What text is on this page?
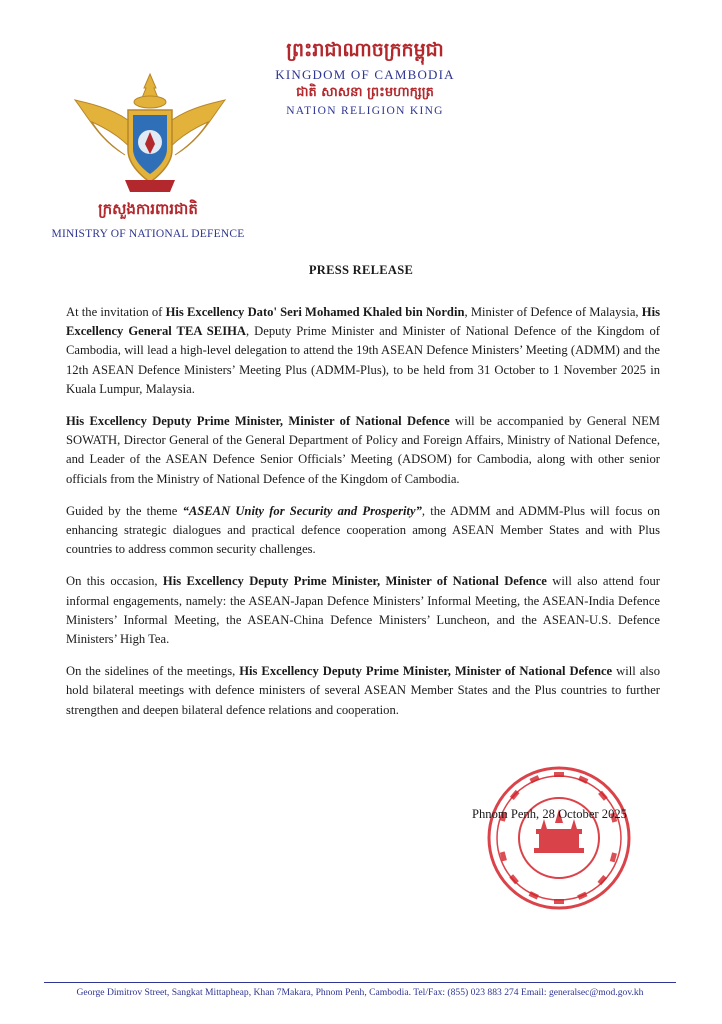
ក្រសួងការពារជាតិ
MINISTRY OF NATIONAL DEFENCE
ព្រះរាជាណាចក្រកម្ពុជា
KINGDOM OF CAMBODIA
ជាតិ សាសនា ព្រះមហាក្សត្រ
NATION RELIGION KING
PRESS RELEASE

At the invitation of His Excellency Dato' Seri Mohamed Khaled bin Nordin, Minister of Defence of Malaysia, His Excellency General TEA SEIHA, Deputy Prime Minister and Minister of National Defence of the Kingdom of Cambodia, will lead a high-level delegation to attend the 19th ASEAN Defence Ministers’ Meeting (ADMM) and the 12th ASEAN Defence Ministers’ Meeting Plus (ADMM-Plus), to be held from 31 October to 1 November 2025 in Kuala Lumpur, Malaysia.

His Excellency Deputy Prime Minister, Minister of National Defence will be accompanied by General NEM SOWATH, Director General of the General Department of Policy and Foreign Affairs, Ministry of National Defence, and Leader of the ASEAN Defence Senior Officials’ Meeting (ADSOM) for Cambodia, along with other senior officials from the Ministry of National Defence of the Kingdom of Cambodia.

Guided by the theme “ASEAN Unity for Security and Prosperity”, the ADMM and ADMM-Plus will focus on enhancing strategic dialogues and practical defence cooperation among ASEAN Member States and with Plus countries to address common security challenges.

On this occasion, His Excellency Deputy Prime Minister, Minister of National Defence will also attend four informal engagements, namely: the ASEAN-Japan Defence Ministers’ Informal Meeting, the ASEAN-India Defence Ministers’ Informal Meeting, the ASEAN-China Defence Ministers’ Luncheon, and the ASEAN-U.S. Defence Ministers’ High Tea.

On the sidelines of the meetings, His Excellency Deputy Prime Minister, Minister of National Defence will also hold bilateral meetings with defence ministers of several ASEAN Member States and the Plus countries to further strengthen and deepen bilateral defence relations and cooperation.

Phnom Penh, 28 October 2025
George Dimitrov Street, Sangkat Mittapheap, Khan 7Makara, Phnom Penh, Cambodia. Tel/Fax: (855) 023 883 274 Email: generalsec@mod.gov.kh
